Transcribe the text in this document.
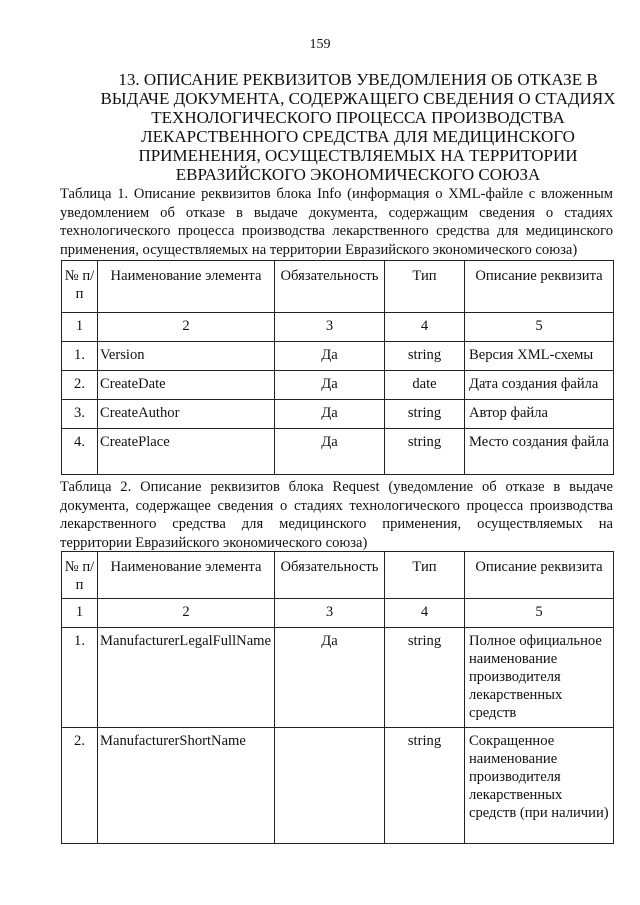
159
13. ОПИСАНИЕ РЕКВИЗИТОВ УВЕДОМЛЕНИЯ ОБ ОТКАЗЕ В ВЫДАЧЕ ДОКУМЕНТА, СОДЕРЖАЩЕГО СВЕДЕНИЯ О СТАДИЯХ ТЕХНОЛОГИЧЕСКОГО ПРОЦЕССА ПРОИЗВОДСТВА ЛЕКАРСТВЕННОГО СРЕДСТВА ДЛЯ МЕДИЦИНСКОГО ПРИМЕНЕНИЯ, ОСУЩЕСТВЛЯЕМЫХ НА ТЕРРИТОРИИ ЕВРАЗИЙСКОГО ЭКОНОМИЧЕСКОГО СОЮЗА
Таблица 1. Описание реквизитов блока Info (информация о XML-файле с вложенным уведомлением об отказе в выдаче документа, содержащим сведения о стадиях технологического процесса производства лекарственного средства для медицинского применения, осуществляемых на территории Евразийского экономического союза)
№ п/п	Наименование элемента	Обязательность	Тип	Описание реквизита
1	2	3	4	5
1.	Version	Да	string	Версия XML-схемы
2.	CreateDate	Да	date	Дата создания файла
3.	CreateAuthor	Да	string	Автор файла
4.	CreatePlace	Да	string	Место создания файла
Таблица 2. Описание реквизитов блока Request (уведомление об отказе в выдаче документа, содержащее сведения о стадиях технологического процесса производства лекарственного средства для медицинского применения, осуществляемых на территории Евразийского экономического союза)
№ п/п	Наименование элемента	Обязательность	Тип	Описание реквизита
1	2	3	4	5
1.	ManufacturerLegalFullName	Да	string	Полное официальное наименование производителя лекарственных средств
2.	ManufacturerShortName		string	Сокращенное наименование производителя лекарственных средств (при наличии)
